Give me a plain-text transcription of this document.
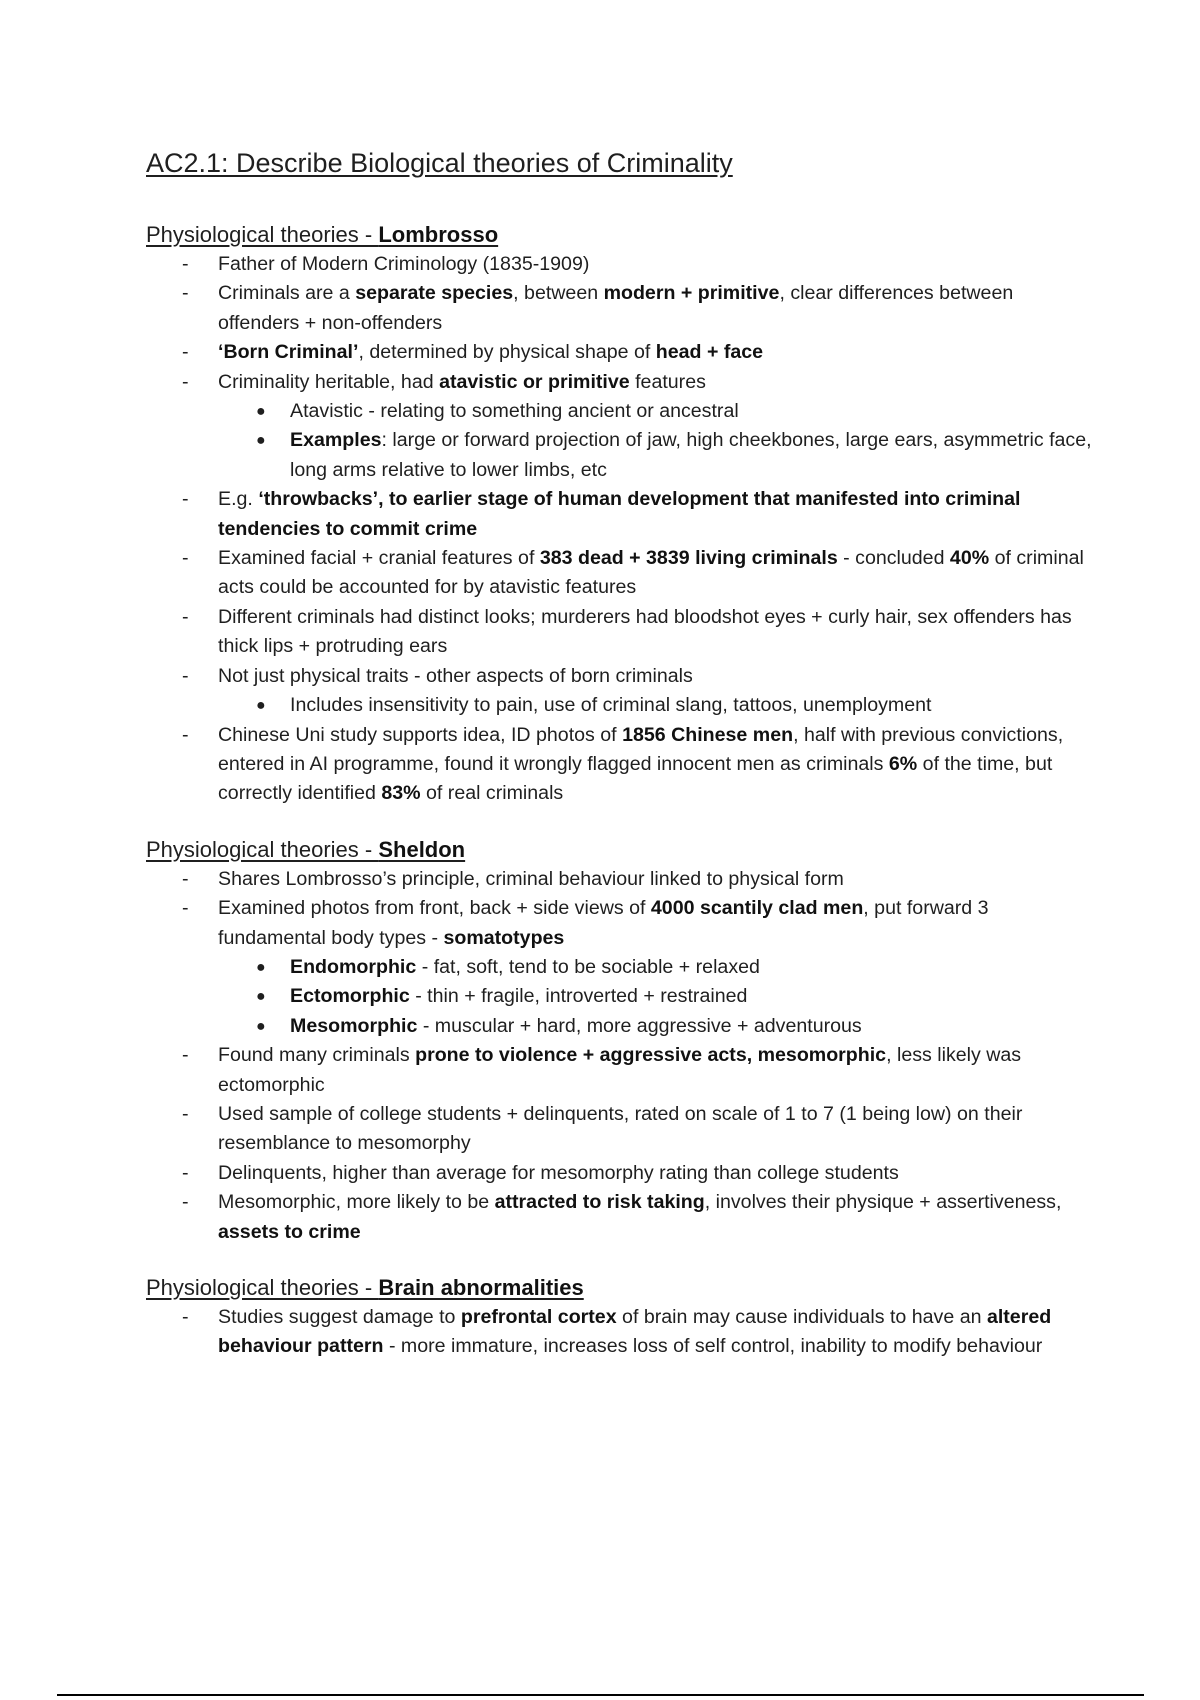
AC2.1: Describe Biological theories of Criminality
Physiological theories - Lombrosso
- Father of Modern Criminology (1835-1909)
- Criminals are a separate species, between modern + primitive, clear differences between offenders + non-offenders
- ‘Born Criminal’, determined by physical shape of head + face
- Criminality heritable, had atavistic or primitive features
● Atavistic - relating to something ancient or ancestral
● Examples: large or forward projection of jaw, high cheekbones, large ears, asymmetric face, long arms relative to lower limbs, etc
- E.g. ‘throwbacks’, to earlier stage of human development that manifested into criminal tendencies to commit crime
- Examined facial + cranial features of 383 dead + 3839 living criminals - concluded 40% of criminal acts could be accounted for by atavistic features
- Different criminals had distinct looks; murderers had bloodshot eyes + curly hair, sex offenders has thick lips + protruding ears
- Not just physical traits - other aspects of born criminals
● Includes insensitivity to pain, use of criminal slang, tattoos, unemployment
- Chinese Uni study supports idea, ID photos of 1856 Chinese men, half with previous convictions, entered in AI programme, found it wrongly flagged innocent men as criminals 6% of the time, but correctly identified 83% of real criminals
Physiological theories - Sheldon
- Shares Lombrosso’s principle, criminal behaviour linked to physical form
- Examined photos from front, back + side views of 4000 scantily clad men, put forward 3 fundamental body types - somatotypes
● Endomorphic - fat, soft, tend to be sociable + relaxed
● Ectomorphic - thin + fragile, introverted + restrained
● Mesomorphic - muscular + hard, more aggressive + adventurous
- Found many criminals prone to violence + aggressive acts, mesomorphic, less likely was ectomorphic
- Used sample of college students + delinquents, rated on scale of 1 to 7 (1 being low) on their resemblance to mesomorphy
- Delinquents, higher than average for mesomorphy rating than college students
- Mesomorphic, more likely to be attracted to risk taking, involves their physique + assertiveness, assets to crime
Physiological theories - Brain abnormalities
- Studies suggest damage to prefrontal cortex of brain may cause individuals to have an altered behaviour pattern - more immature, increases loss of self control, inability to modify behaviour
